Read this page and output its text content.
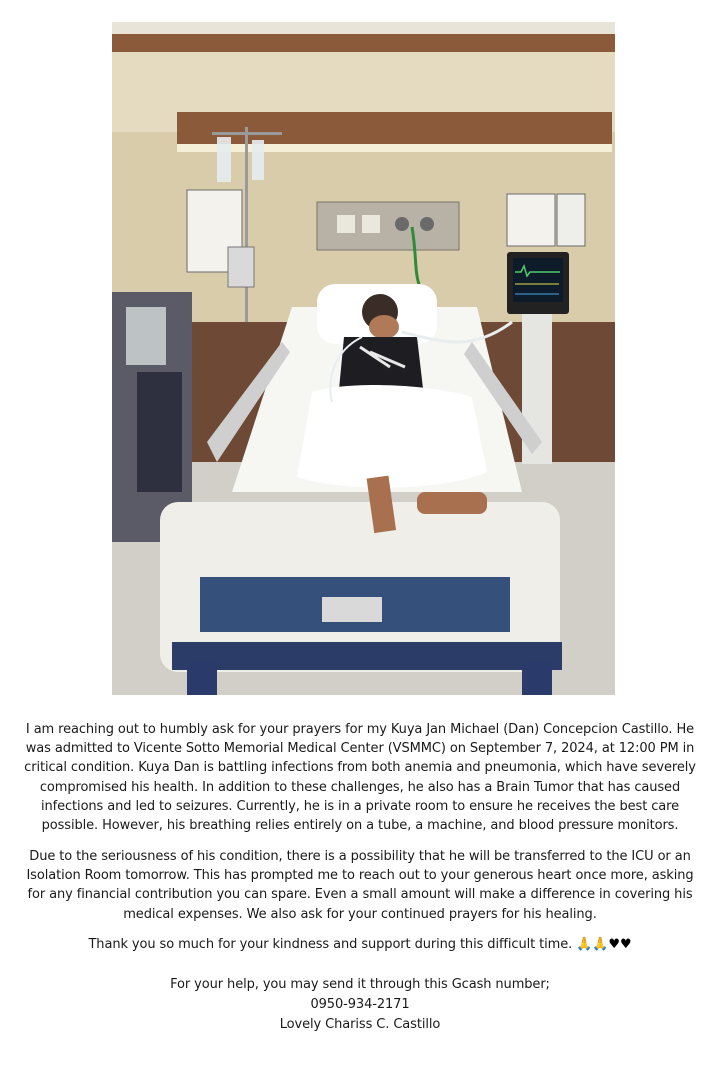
I am reaching out to humbly ask for your prayers for my Kuya Jan Michael (Dan) Concepcion Castillo. He was admitted to Vicente Sotto Memorial Medical Center (VSMMC) on September 7, 2024, at 12:00 PM in critical condition. Kuya Dan is battling infections from both anemia and pneumonia, which have severely compromised his health. In addition to these challenges, he also has a Brain Tumor that has caused infections and led to seizures. Currently, he is in a private room to ensure he receives the best care possible. However, his breathing relies entirely on a tube, a machine, and blood pressure monitors.
Due to the seriousness of his condition, there is a possibility that he will be transferred to the ICU or an Isolation Room tomorrow. This has prompted me to reach out to your generous heart once more, asking for any financial contribution you can spare. Even a small amount will make a difference in covering his medical expenses. We also ask for your continued prayers for his healing.
Thank you so much for your kindness and support during this difficult time. 🙏🙏♥♥
For your help, you may send it through this Gcash number;
0950-934-2171
Lovely Chariss C. Castillo
